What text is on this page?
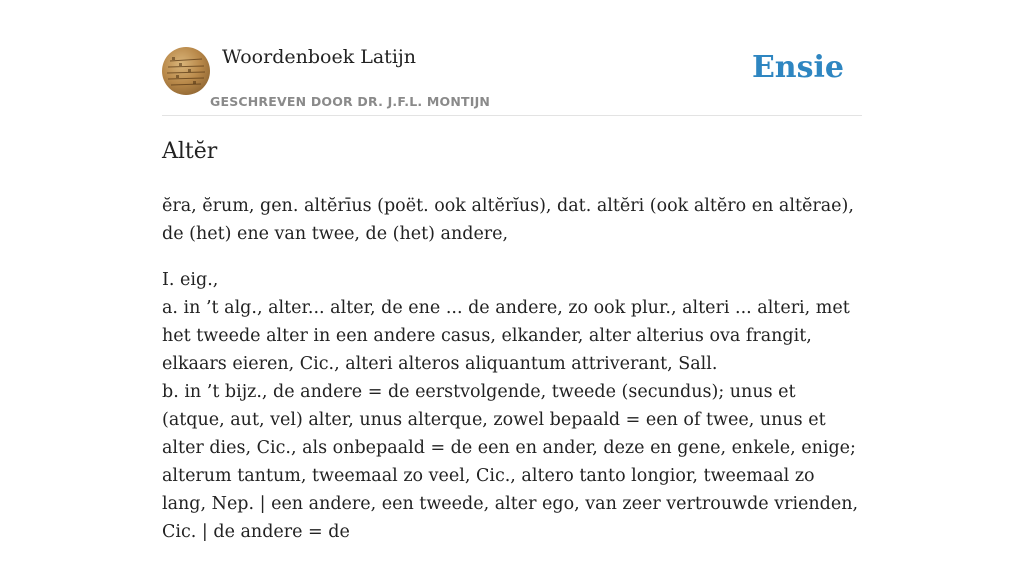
Woordenboek Latijn
GESCHREVEN DOOR DR. J.F.L. MONTIJN
Ensie
Altĕr

ĕra, ĕrum, gen. altĕrīus (poët. ook altĕrĭus), dat. altĕri (ook altĕro en altĕrae), de (het) ene van twee, de (het) andere,

I. eig.,
a. in ’t alg., alter... alter, de ene ... de andere, zo ook plur., alteri ... alteri, met het tweede alter in een andere casus, elkander, alter alterius ova frangit, elkaars eieren, Cic., alteri alteros aliquantum attriverant, Sall.
b. in ’t bijz., de andere = de eerstvolgende, tweede (secundus); unus et (atque, aut, vel) alter, unus alterque, zowel bepaald = een of twee, unus et alter dies, Cic., als onbepaald = de een en ander, deze en gene, enkele, enige; alterum tantum, tweemaal zo veel, Cic., altero tanto longior, tweemaal zo lang, Nep. | een andere, een tweede, alter ego, van zeer vertrouwde vrienden, Cic. | de andere = de
